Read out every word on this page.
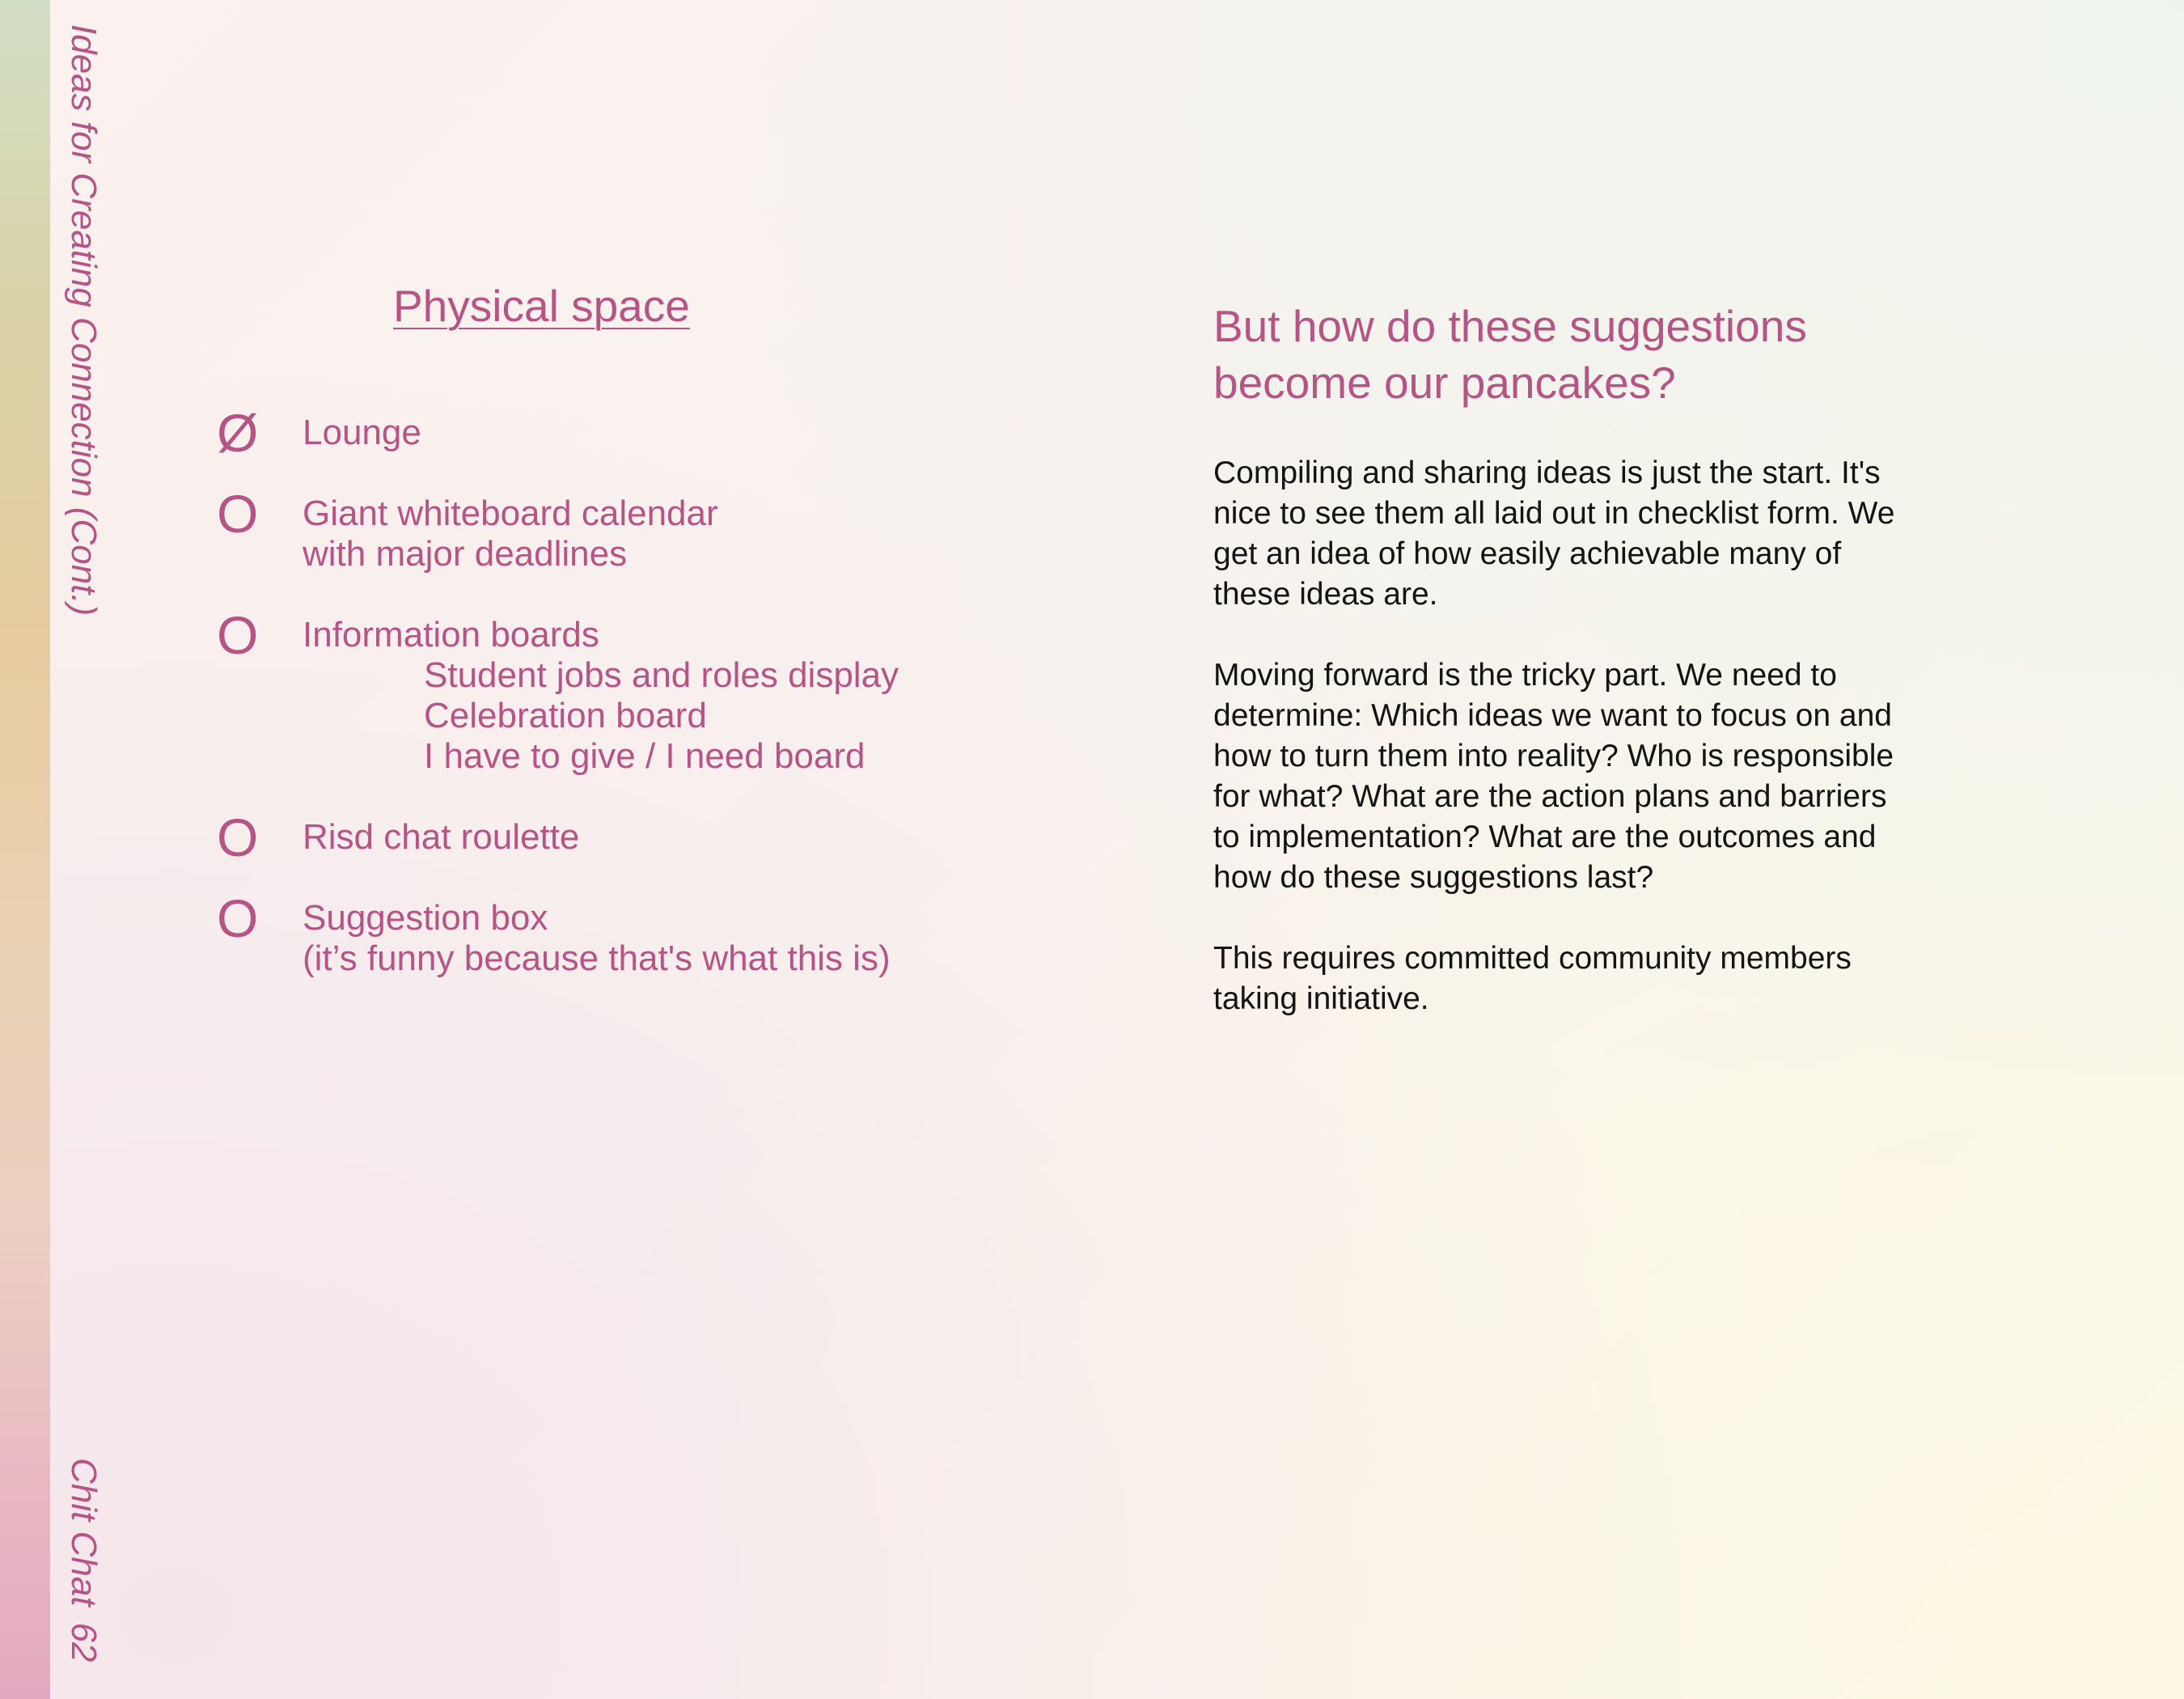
Ideas for Creating Connection (Cont.)
Chit Chat62
Physical space
Ø Lounge
O Giant whiteboard calendar
with major deadlines
O Information boards
Student jobs and roles display
Celebration board
I have to give / I need board
O Risd chat roulette
O Suggestion box
(it’s funny because that's what this is)
But how do these suggestions
become our pancakes?

Compiling and sharing ideas is just the start. It's
nice to see them all laid out in checklist form. We
get an idea of how easily achievable many of
these ideas are.

Moving forward is the tricky part. We need to
determine: Which ideas we want to focus on and
how to turn them into reality? Who is responsible
for what? What are the action plans and barriers
to implementation? What are the outcomes and
how do these suggestions last?

This requires committed community members
taking initiative.
